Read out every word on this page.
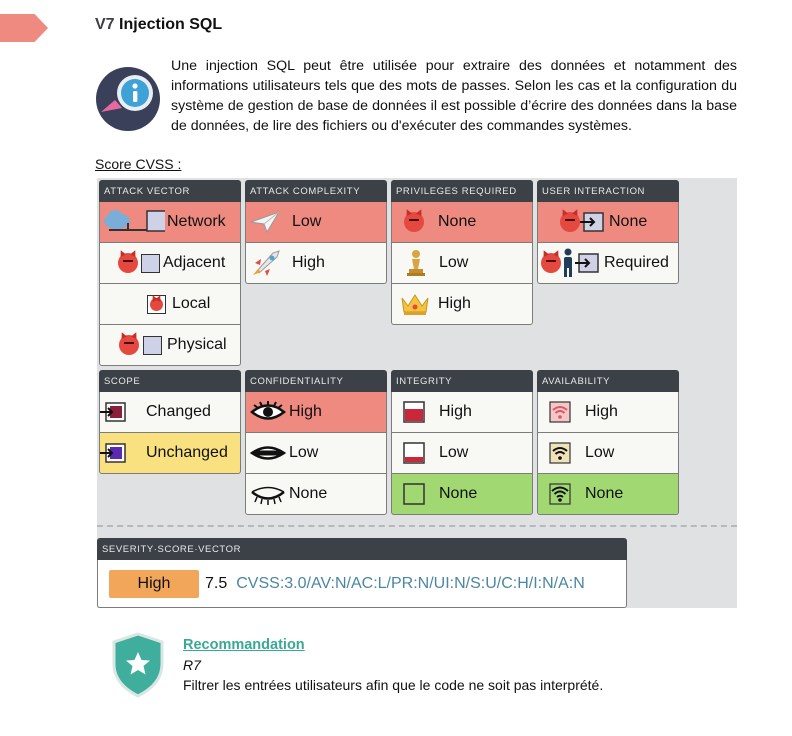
V7 Injection SQL
Une injection SQL peut être utilisée pour extraire des données et notamment des informations utilisateurs tels que des mots de passes. Selon les cas et la configuration du système de gestion de base de données il est possible d’écrire des données dans la base de données, de lire des fichiers ou d'exécuter des commandes systèmes.
Score CVSS :
ATTACK VECTOR
Network
Adjacent
Local
Physical
ATTACK COMPLEXITY
Low
High
PRIVILEGES REQUIRED
None
Low
High
USER INTERACTION
None
Required
SCOPE
Changed
Unchanged
CONFIDENTIALITY
High
Low
None
INTEGRITY
High
Low
None
AVAILABILITY
High
Low
None
SEVERITY·SCORE·VECTOR
High	7.5 CVSS:3.0/AV:N/AC:L/PR:N/UI:N/S:U/C:H/I:N/A:N
Recommandation
R7
Filtrer les entrées utilisateurs afin que le code ne soit pas interprété.
